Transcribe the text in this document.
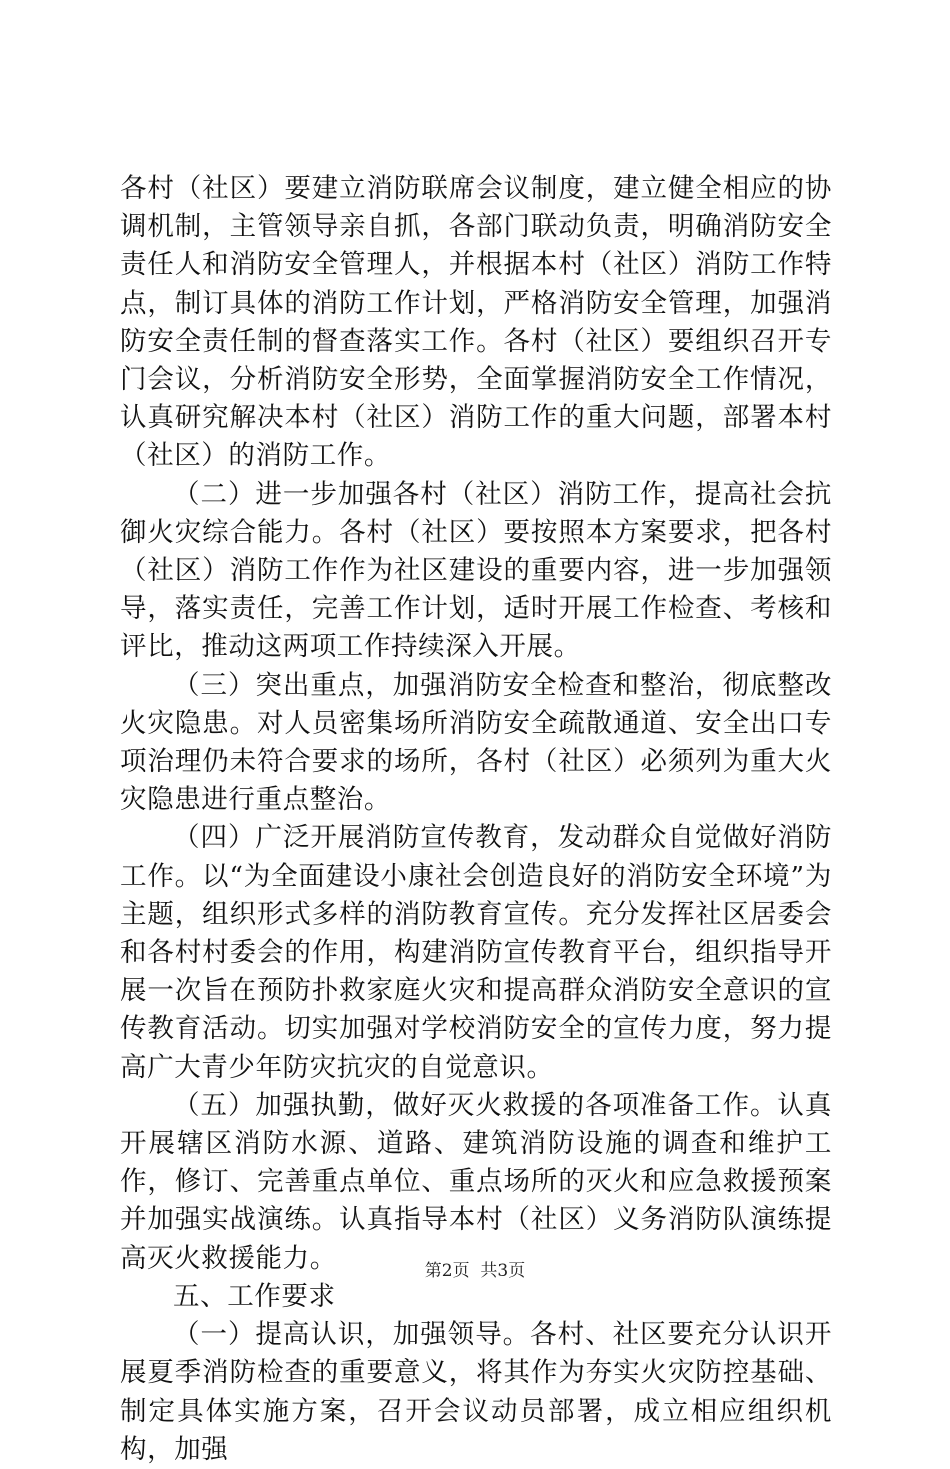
各村（社区）要建立消防联席会议制度，建立健全相应的协调机制，主管领导亲自抓，各部门联动负责，明确消防安全责任人和消防安全管理人，并根据本村（社区）消防工作特点，制订具体的消防工作计划，严格消防安全管理，加强消防安全责任制的督查落实工作。各村（社区）要组织召开专门会议，分析消防安全形势，全面掌握消防安全工作情况，认真研究解决本村（社区）消防工作的重大问题，部署本村（社区）的消防工作。

（二）进一步加强各村（社区）消防工作，提高社会抗御火灾综合能力。各村（社区）要按照本方案要求，把各村（社区）消防工作作为社区建设的重要内容，进一步加强领导，落实责任，完善工作计划，适时开展工作检查、考核和评比，推动这两项工作持续深入开展。

（三）突出重点，加强消防安全检查和整治，彻底整改火灾隐患。对人员密集场所消防安全疏散通道、安全出口专项治理仍未符合要求的场所，各村（社区）必须列为重大火灾隐患进行重点整治。

（四）广泛开展消防宣传教育，发动群众自觉做好消防工作。以“为全面建设小康社会创造良好的消防安全环境”为主题，组织形式多样的消防教育宣传。充分发挥社区居委会和各村村委会的作用，构建消防宣传教育平台，组织指导开展一次旨在预防扑救家庭火灾和提高群众消防安全意识的宣传教育活动。切实加强对学校消防安全的宣传力度，努力提高广大青少年防灾抗灾的自觉意识。

（五）加强执勤，做好灭火救援的各项准备工作。认真开展辖区消防水源、道路、建筑消防设施的调查和维护工作，修订、完善重点单位、重点场所的灭火和应急救援预案并加强实战演练。认真指导本村（社区）义务消防队演练提高灭火救援能力。

五、工作要求

（一）提高认识，加强领导。各村、社区要充分认识开展夏季消防检查的重要意义，将其作为夯实火灾防控基础、制定具体实施方案，召开会议动员部署，成立相应组织机构，加强

第2页 共3页
